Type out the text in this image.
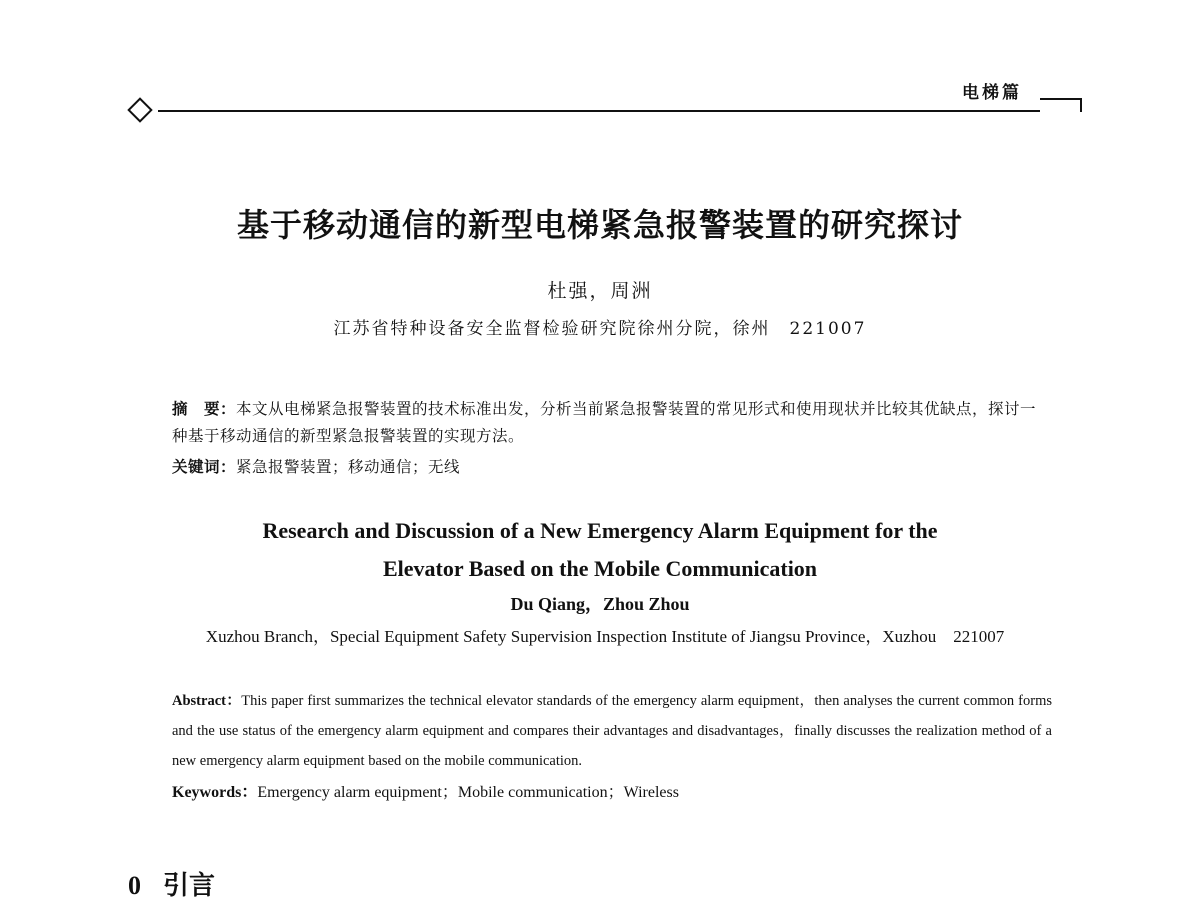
电梯篇
基于移动通信的新型电梯紧急报警装置的研究探讨
杜强，周洲
江苏省特种设备安全监督检验研究院徐州分院，徐州　221007
摘　要：本文从电梯紧急报警装置的技术标准出发，分析当前紧急报警装置的常见形式和使用现状并比较其优缺点，探讨一种基于移动通信的新型紧急报警装置的实现方法。
关键词：紧急报警装置；移动通信；无线
Research and Discussion of a New Emergency Alarm Equipment for the
Elevator Based on the Mobile Communication
Du Qiang，Zhou Zhou
Xuzhou Branch，Special Equipment Safety Supervision Inspection Institute of Jiangsu Province，Xuzhou　221007
Abstract：This paper first summarizes the technical elevator standards of the emergency alarm equipment，then analyses the current common forms and the use status of the emergency alarm equipment and compares their advantages and disadvantages，finally discusses the realization method of a new emergency alarm equipment based on the mobile communication.
Keywords：Emergency alarm equipment；Mobile communication；Wireless
0 引言
